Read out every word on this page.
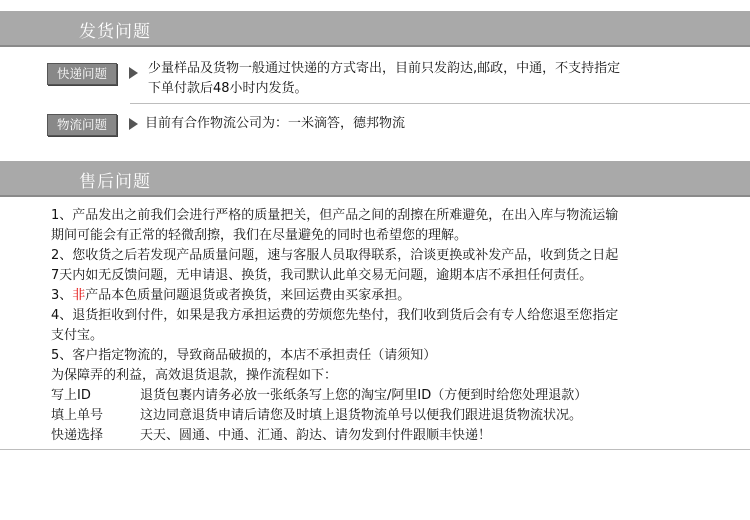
发货问题
快递问题	少量样品及货物一般通过快递的方式寄出，目前只发韵达,邮政，中通，不支持指定
下单付款后48小时内发货。
物流问题	目前有合作物流公司为：一米滴答，德邦物流
售后问题

1、产品发出之前我们会进行严格的质量把关，但产品之间的刮擦在所难避免，在出入库与物流运输

期间可能会有正常的轻微刮擦，我们在尽量避免的同时也希望您的理解。

2、您收货之后若发现产品质量问题，速与客服人员取得联系，洽谈更换或补发产品，收到货之日起

7天内如无反馈问题，无申请退、换货，我司默认此单交易无问题，逾期本店不承担任何责任。

3、非产品本色质量问题退货或者换货，来回运费由买家承担。

4、退货拒收到付件，如果是我方承担运费的劳烦您先垫付，我们收到货后会有专人给您退至您指定

支付宝。

5、客户指定物流的，导致商品破损的，本店不承担责任（请须知）

为保障弄的利益，高效退货退款，操作流程如下：

写上ID	退货包裹内请务必放一张纸条写上您的淘宝/阿里ID（方便到时给您处理退款）
填上单号	这边同意退货申请后请您及时填上退货物流单号以便我们跟进退货物流状况。
快递选择	天天、圆通、中通、汇通、韵达、请勿发到付件跟顺丰快递！
